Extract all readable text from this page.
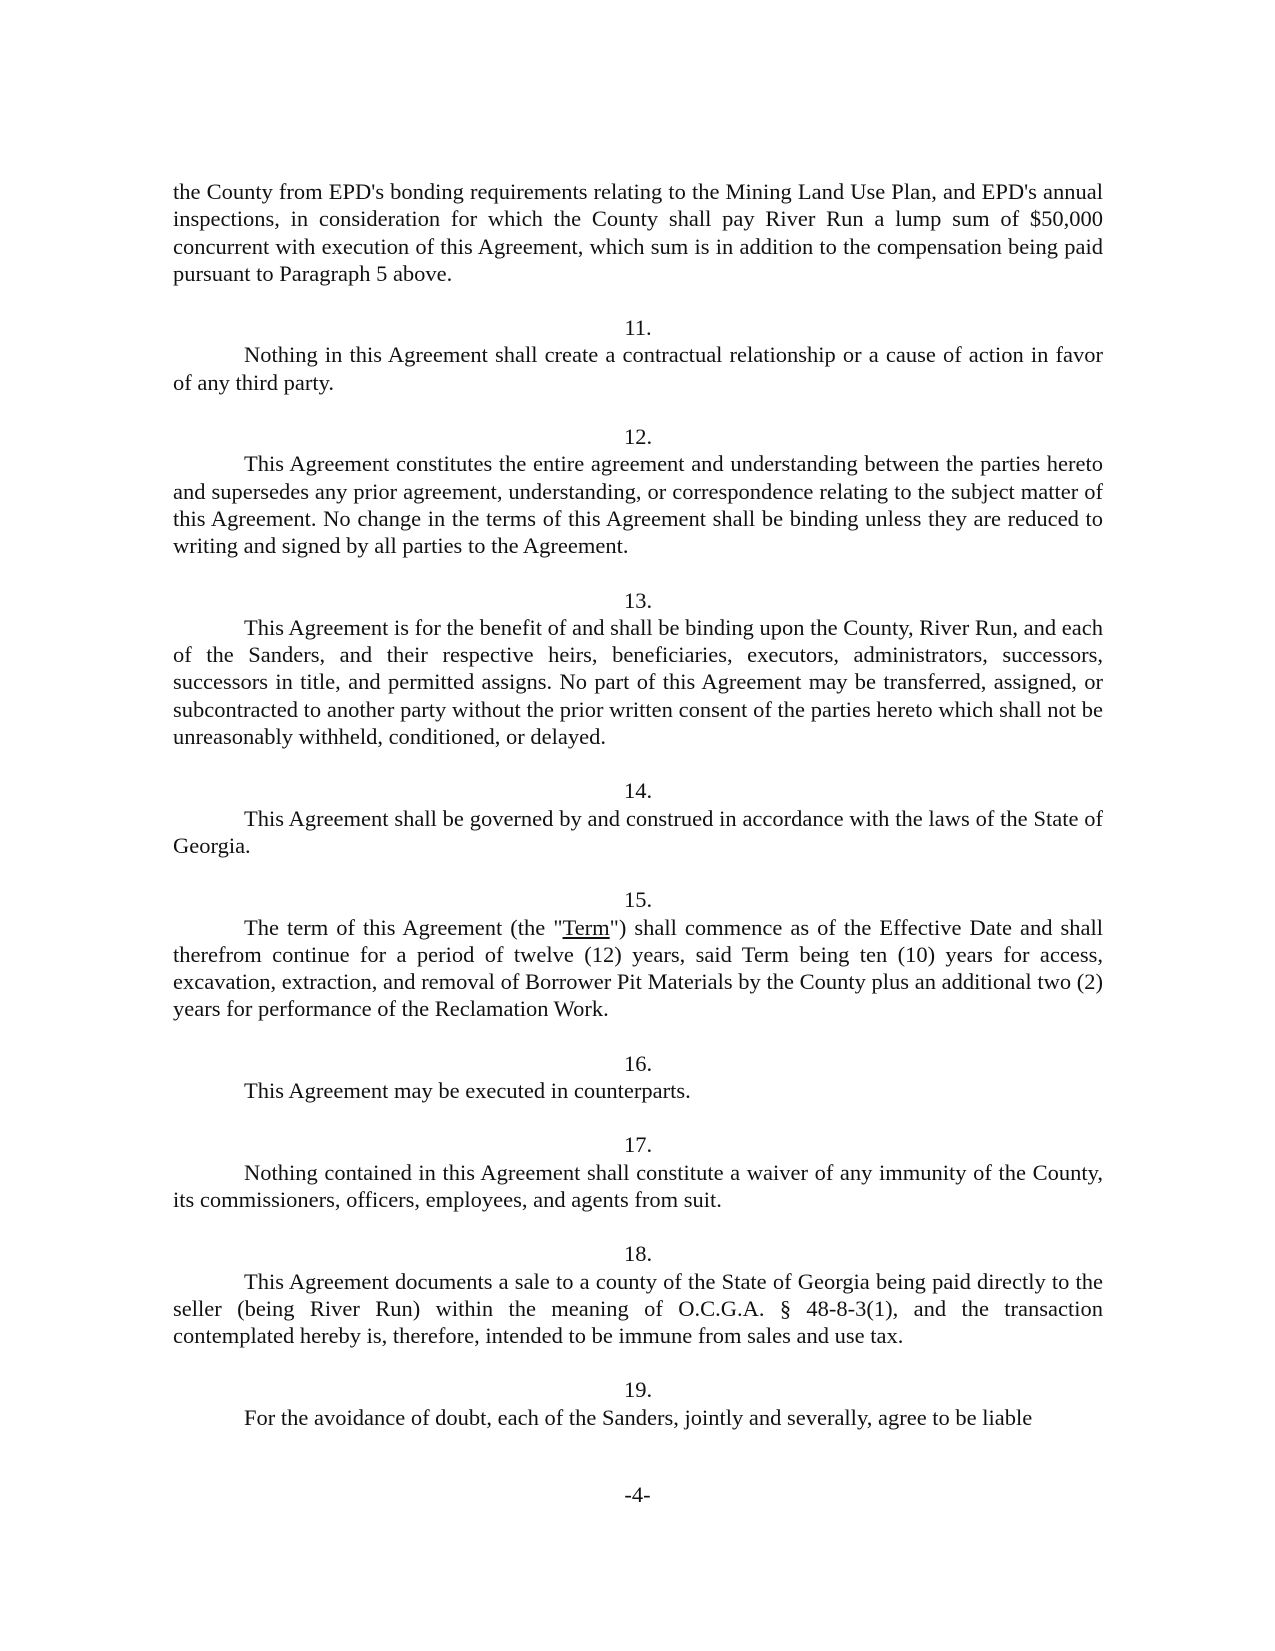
the County from EPD's bonding requirements relating to the Mining Land Use Plan, and EPD's annual inspections, in consideration for which the County shall pay River Run a lump sum of $50,000 concurrent with execution of this Agreement, which sum is in addition to the compensation being paid pursuant to Paragraph 5 above.

11.

Nothing in this Agreement shall create a contractual relationship or a cause of action in favor of any third party.

12.

This Agreement constitutes the entire agreement and understanding between the parties hereto and supersedes any prior agreement, understanding, or correspondence relating to the subject matter of this Agreement. No change in the terms of this Agreement shall be binding unless they are reduced to writing and signed by all parties to the Agreement.

13.

This Agreement is for the benefit of and shall be binding upon the County, River Run, and each of the Sanders, and their respective heirs, beneficiaries, executors, administrators, successors, successors in title, and permitted assigns. No part of this Agreement may be transferred, assigned, or subcontracted to another party without the prior written consent of the parties hereto which shall not be unreasonably withheld, conditioned, or delayed.

14.

This Agreement shall be governed by and construed in accordance with the laws of the State of Georgia.

15.

The term of this Agreement (the "Term") shall commence as of the Effective Date and shall therefrom continue for a period of twelve (12) years, said Term being ten (10) years for access, excavation, extraction, and removal of Borrower Pit Materials by the County plus an additional two (2) years for performance of the Reclamation Work.

16.

This Agreement may be executed in counterparts.

17.

Nothing contained in this Agreement shall constitute a waiver of any immunity of the County, its commissioners, officers, employees, and agents from suit.

18.

This Agreement documents a sale to a county of the State of Georgia being paid directly to the seller (being River Run) within the meaning of O.C.G.A. § 48-8-3(1), and the transaction contemplated hereby is, therefore, intended to be immune from sales and use tax.

19.

For the avoidance of doubt, each of the Sanders, jointly and severally, agree to be liable

-4-
